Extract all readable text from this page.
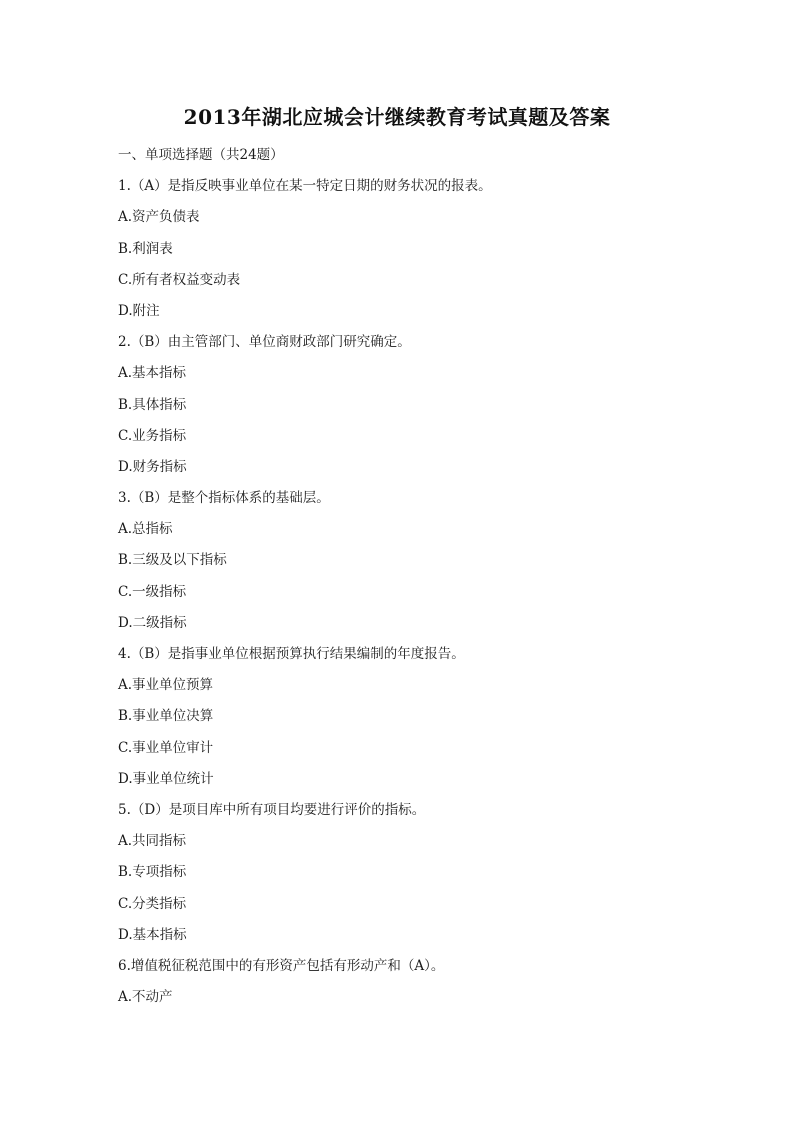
2013年湖北应城会计继续教育考试真题及答案
一、单项选择题（共24题）
1.（A）是指反映事业单位在某一特定日期的财务状况的报表。
A.资产负债表
B.利润表
C.所有者权益变动表
D.附注
2.（B）由主管部门、单位商财政部门研究确定。
A.基本指标
B.具体指标
C.业务指标
D.财务指标
3.（B）是整个指标体系的基础层。
A.总指标
B.三级及以下指标
C.一级指标
D.二级指标
4.（B）是指事业单位根据预算执行结果编制的年度报告。
A.事业单位预算
B.事业单位决算
C.事业单位审计
D.事业单位统计
5.（D）是项目库中所有项目均要进行评价的指标。
A.共同指标
B.专项指标
C.分类指标
D.基本指标
6.增值税征税范围中的有形资产包括有形动产和（A）。
A.不动产
